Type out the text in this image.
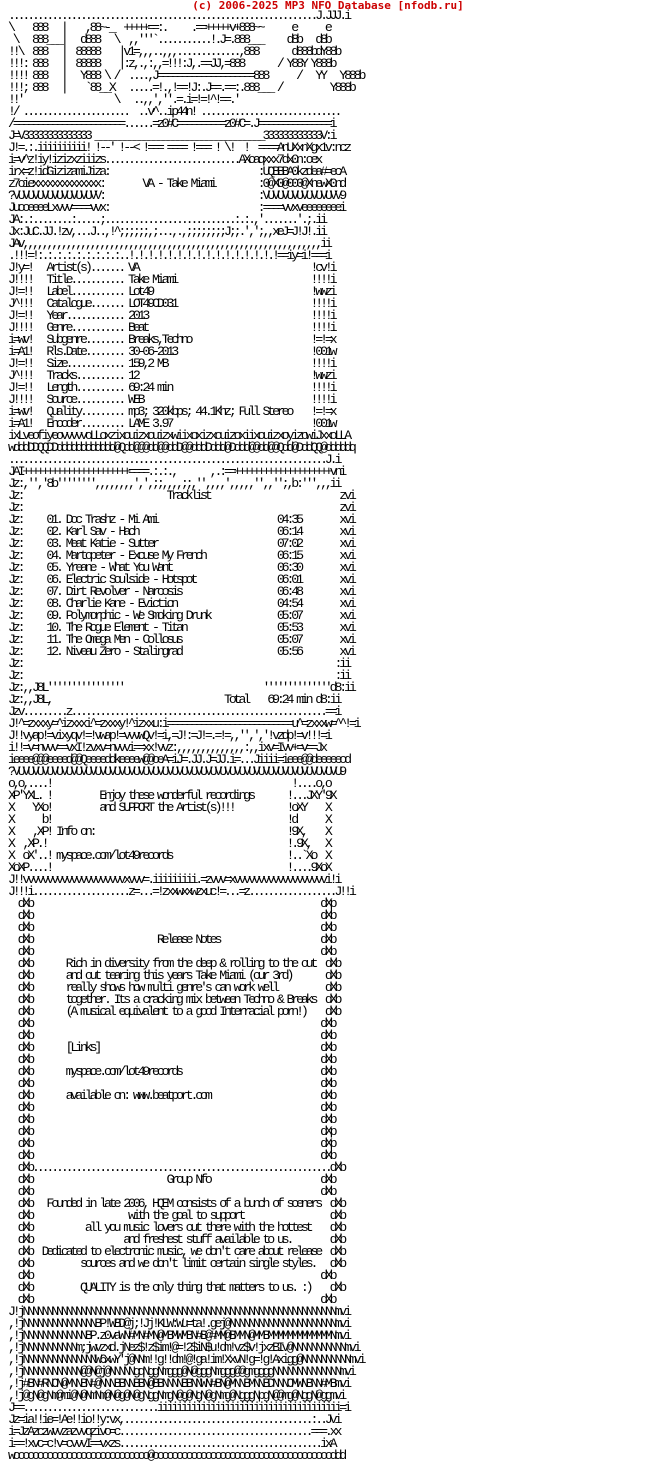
(c) 2006-2025 MP3 NFO Database [nfodb.ru]
................................................................J.JJJ.i
\    888   |    ,88~-_  +++++==:.     .==+++++v+888~~      e      e
\   888___|   d888   \  ,,'''`...........!.J=.888___     d8b   d8b
!!\  888   |  88888    |v1=,,,..,,,.............,888       d888bdY88b
!!!: 888   |  88888    |:z,.,:,,=!!!:J,.==JJ,=888       / Y88Y Y888b
!!!! 888   |   Y888 \ /  ....,J====================888      /   YY   Y888b
!!!; 888   |    `88__X   .....=!.,!==!J:.J==.==:.888___ /          Y888b
!!'                   \   ..,,',''.=.i=!=!^!==.'
!/ ......................  ..v^..ip44n! .............................
/=======================......=z0#C==========z0#C=.J===============i
J=V33333333333333 ___________________________________333333333333V:i
J!=.:.iiiiiiiiii! !--' !--< !=== ==== !=== ! \!  !  ====AnUXxnXgx1v:ncz
i=v^z!iy!izizxziiizs............................AXoaqxxx7dx0n:oex
irx=z!idGizizamiJiza:                               :UQBBBA0kzdea#=ecA
z7oiexxxxxxxxxxxxxx:        VA - Take Miami         :0@X0@000@XnewX0nd
?VUVUVUVUVUVUVUVUVV:                                :VUVUVUVUVUVUVUVV9
JuooeeeeLxvvv====vvx:                               :====vvxveeeeeeeei
JA:.:........:.....;...........................:.:.,'.......'.;.ii
Jx:JuC.JJ.!zv,...J..,!^;;;;;;,;...,.,;;;;;;;;J;;.',';,,xeJ=J!J!.ii
JAv,,,,,,,,,,,,,,,,,,,,,,,,,,,,,,,,,,,,,,,,,,,,,,,,,,,,,,,,,,,,,,ii
.!!!=!:.:.:.:.:.:.:.:.:..!.!.!.!.!.!.!.!.!.!.!.!.!.!.!.!==iy=i!===i
J!y=!   Artist(s)....... VA                                    !cv!i
J!!!!   Title........... Take Miami                            !!!!i
J!=!!   Label........... Lot49                                 !wwzi
J^!!!   Catalogue....... LOT49CD031                            !!!!i
J!=!!   Year............ 2013                                  !!!!i
J!!!!   Genre........... Beat                                  !!!!i
i=wv!   Subgenre........ Breaks,Techno                         !=!=x
i=A1!   Rls.Date........ 30-06-2013                            !001w
J!=!!   Size............ 159,2 MB                              !!!!i
J^!!!   Tracks.......... 12                                    !wwzi
J!=!!   Length.......... 69:24 min                             !!!!i
J!!!!   Source.......... WEB                                   !!!!i
i=wv!   Quality......... mp3; 320kbps; 44.1Khz; Full Stereo    !=!=x
i=A1!   Encoder......... LAME 3.97                             !001w
ixLveofiyeovvvvvoLLoxzixouizxouizxwiixoxizxouizoxiixouizxoyizowiJxxoLLA
wdddDDQQDDdddddddddddd@Qdd@@@dd@@ddD@@dddDddd@Dddd@@dd@@Qdd@DddQQ@dddddq
..................................................................J.i
JAI++++++++++++++++++++++====.:.:.,       ,.:==++++++++++++++++++++vni
Jz:,'','8b'''''''',,,,,,,,',',;;,,,,;;,'',,,,',,,,,'',,'';,b:''',,,ii
Jz:                              Tracklist                           zvi
Jz:                                                                  zvi
Jz:     01. Doc Trashz - Mi Ami                         04:35        xvi
Jz:     02. Karl Sav - Hach                             06:14        xvi
Jz:     03. Meat Katie - Sutter                         07:02        xvi
Jz:     04. Martopeter - Excuse My French               06:15        xvi
Jz:     05. Yreane - What You Want                      06:30        xvi
Jz:     06. Electric Soulside - Hotspot                 06:01        xvi
Jz:     07. Dirt Revolver - Narcosis                    06:48        xvi
Jz:     08. Charlie Kane - Eviction                     04:54        xvi
Jz:     09. Polymorphic - We Smoking Drunk              05:07        xvi
Jz:     10. The Rogue Element - Titan                   05:53        xvi
Jz:     11. The Omega Men - Collosus                    05:07        xvi
Jz:     12. Niveau Zero - Stalingrad                    05:56        xvi
Jz:                                                                 :ii
Jz:                                                                 :ii
Jz:,,J8L''''''''''''''''                             ''''''''''''''d8:ii
Jz:,,J8L,                                    Total    69:24 min d8:ii
Jzv.........z.....................................................==i
J!^=zxxxy=^izxxxi^=zxxxy!^izxxu:i==========================u^=zxxxw=^^!=i
J!!vyap!=vixyqv!=!vwap!=vvvwQv!=i,=J!:=J!=.=!=,,'',','!vzdp!=v!!!=i
i!!=v=nvvv==vxI!zvxv=nvvvi==xx!vvz:,,,,,,,,,,,,,,:,,ixv=Ivv+=v==Jx
ieeee@@@eeeed@@Qeeeeddkeeeew@@oeA=iJ=.JJ.J=JJ.i=...Jiiii=ieee@@deeeeeod
?VUVUVUVUVUVUVUVUVUVUVUVUVUVUVUVUVUVUVUVUVUVUVUVUVUVUVUVUVUVUVUVUVUVU9
o,o,....!                                                  !....o,o
XP'YXL. !          Enjoy these wonderful recordings       !...JXY'9X
X    YXo!          and SUPPORT the Artist(s)!!!           !oXY    X
X      b!                                                 !d      X
X    ,XP! Info on:                                        !9X,    X
X  ,XP.!                                                  !.9X,   X
X  oX'..! myspace.com/lot49records                        !..`Xo  X
XoXP....!                                                 !....9XoX
J!!vvvvvvvvvvvvvvvvvvvvvxvvv=.iiiiiiiii.=zvvv=xvvvvvvvvvvvvvvvvvvvi!i
J!!!i....................z=...=!zxxwxxwzxuc!=...=z..................J!!i
dXb                                                            dXp
dXb                                                            dXb
dXb                                                            dXb
dXb                          Release Notes                     dXb
dXb                                                            dXb
dXb       Rich in diversity from the deep & rolling to the out  dXb
dXb       and out tearing this years Take Miami (our 3rd)       dXb
dXb       really shows how multi genre's can work well          dXb
dXb       together. Its a cracking mix between Techno & Breaks  dXb
dXb       (A musical equivalent to a good Interracial porn!)    dXb
dXb                                                            dXb
dXb                                                            dXb
dXb       [Links]                                              dXb
dXb                                                            dXb
dXb       myspace.com/lot49records                             dXb
dXb                                                            dXb
dXb       available on: www.beatport.com                       dXb
dXb                                                            dXb
dXb                                                            dXb
dXb                                                            dXp
dXb                                                            dXp
dXb                                                            dXb
dXb..............................................................dXb
dXb                            Group Nfo                       dXb
dXb                                                            dXb
dXb   Founded in late 2006, HQEM consists of a bunch of sceners  dXb
dXb                    with the goal to support                  dXb
dXb           all you music lovers out there with the hottest    dXb
dXb                   and freshest stuff available to us.        dXb
dXb  Dedicated to electronic music, we don't care about release  dXb
dXb          sources and we don't limit certain single styles.   dXb
dXb                                                            dXb
dXb          QUALITY is the only thing that matters to us. :)    dXb
dXb                                                            dXb
J!jNNNNNNNNNNNNNNNNNNNNNNNNNNNNNNNNNNNNNNNNNNNNNNNNNNNNNNNNNNNNNNNNNmvi
,!jNNNNNNNNNNNNNNNBP!WBD@j;!Jj!KLW:Wu=ta!.gej@NNNNNNNNNNNNNNNNNNNNNNmvi
,!jNNNNNNNNNNNNNBP.z0vaWN#MN#MN@MBMWMBN#B@#MM@BMMN@MMBMMMMMMMMMMMMMNmvi
,!jNNNNNNNNNNNm;jwvzxd.jNez$!z$im!@=!2$iN$u!dm!vz$v!jxzBIv@NNNNNNNNNNNmvi
,!jNNNNNNNNNNNNNNNW6xwY'j@NNm!!g!!dm!@!ga!im!XxvN!g=!g!Axigg@NNNNNNNNNNmvi
,!jNNNNNNNNNNNN@@N@j@NNNNNgqNggNmggg@N@gggNmggg@@gmggggNNNNNNNNNNNNNNmvi
,!j#BN#RNON@MNNBN#@NNNBBNNBBN@BBNNNNBBNNWN#BN@MNNBMNNBDNNNOMWNBNN#MBmvi
,!j@gN@gNm@mi@N@NmNm@N@g@N@gNggNmgN@g@NgN@gNmg@NgggNpgN@@mg@NggN@ggmvi
J==............................iiiiiiiiiiiiiiiiiiiiiiiiiiiiiiiiiiiiii=i
Jz=ia!!ie=!Ae!!io!!y:vx,.......................................:..Jvi
i=JzAzczwvvzazvvqzivo=c........................................===.xx
i==!xvc=c!v=cvvvI==vxzs..........................................ixA
woooooooooooooooooooooooooooo@oooooooooooooooooooooooooooooooooooooddd
